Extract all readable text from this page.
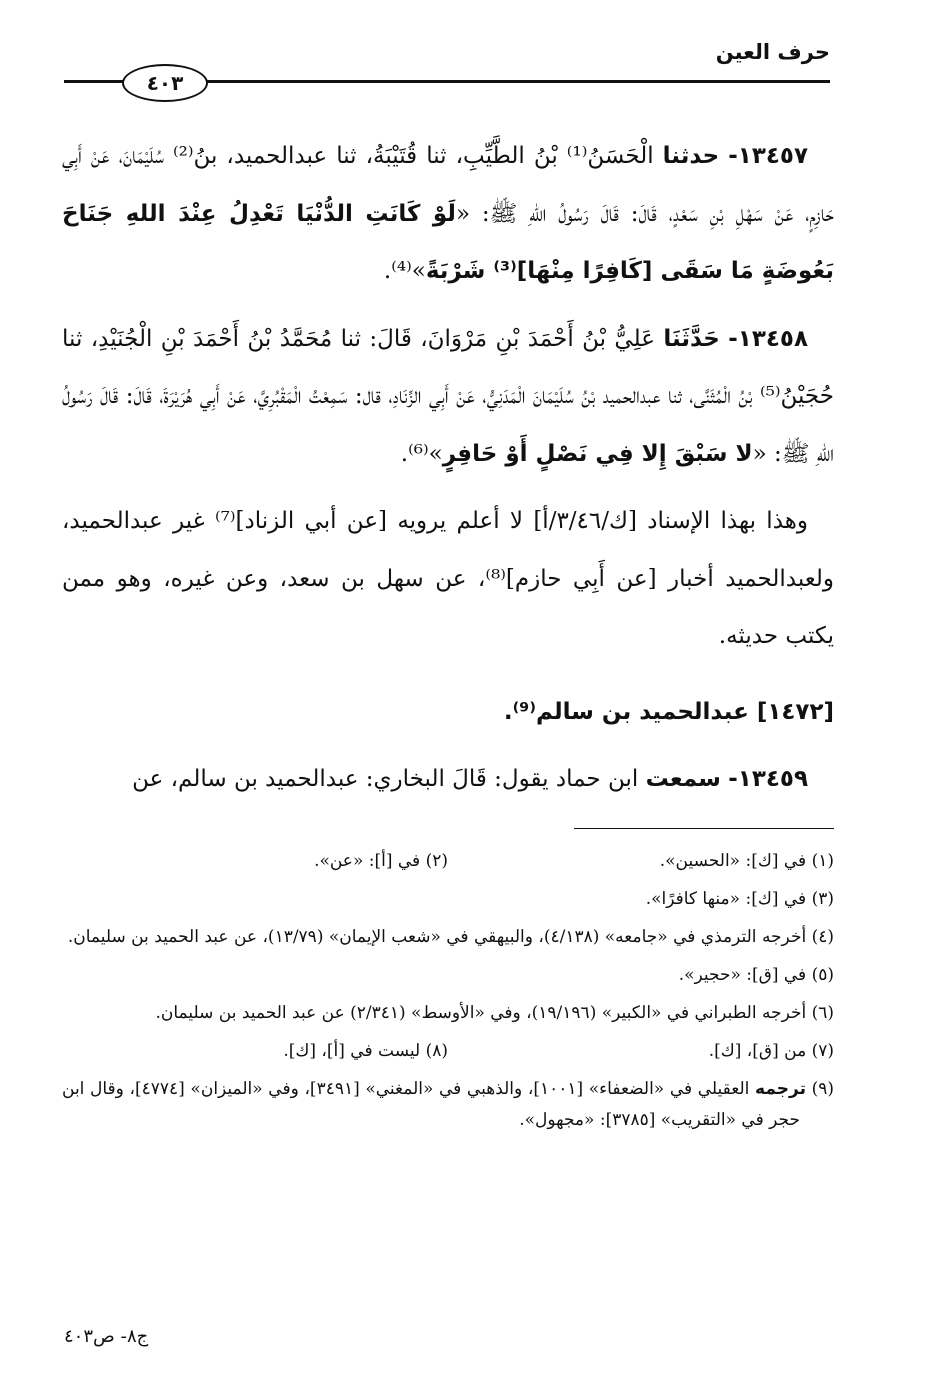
حرف العين
٤٠٣

١٣٤٥٧- حدثنا الْحَسَنُ⁽¹⁾ بْنُ الطَّيِّبِ، ثنا قُتَيْبَةُ، ثنا عبدالحميد، بنُ⁽²⁾ سُلَيْمَانَ، عَنْ أَبِي حَازِمٍ، عَنْ سَهْلِ بْنِ سَعْدٍ، قَالَ: قَالَ رَسُولُ اللهِ ﷺ: «لَوْ كَانَتِ الدُّنْيَا تَعْدِلُ عِنْدَ اللهِ جَنَاحَ بَعُوضَةٍ مَا سَقَى [كَافِرًا مِنْهَا]⁽³⁾ شَرْبَةً»⁽⁴⁾.

١٣٤٥٨- حَدَّثَنَا عَلِيُّ بْنُ أَحْمَدَ بْنِ مَرْوَانَ، قَالَ: ثنا مُحَمَّدُ بْنُ أَحْمَدَ بْنِ الْجُنَيْدِ، ثنا حُجَيْنُ⁽⁵⁾ بْنُ الْمُثَنَّى، ثنا عبدالحميد بْنُ سُلَيْمَانَ الْمَدَنِيُّ، عَنْ أَبِي الزِّنَادِ، قال: سَمِعْتُ الْمَقْبُرِيَّ، عَنْ أَبِي هُرَيْرَةَ، قَالَ: قَالَ رَسُولُ اللهِ ﷺ: «لا سَبْقَ إِلا فِي نَصْلٍ أَوْ حَافِرٍ»⁽⁶⁾.

وهذا بهذا الإسناد [ك/٣/٤٦/أ] لا أعلم يرويه [عن أبي الزناد]⁽⁷⁾ غير عبدالحميد، ولعبدالحميد أخبار [عن أَبِي حازم]⁽⁸⁾، عن سهل بن سعد، وعن غيره، وهو ممن يكتب حديثه.

[١٤٧٢] عبدالحميد بن سالم⁽⁹⁾.

١٣٤٥٩- سمعت ابن حماد يقول: قَالَ البخاري: عبدالحميد بن سالم، عن

(١) في [ك]: «الحسين».
(٢) في [أ]: «عن».
(٣) في [ك]: «منها كافرًا».
(٤) أخرجه الترمذي في «جامعه» (٤/١٣٨)، والبيهقي في «شعب الإيمان» (١٣/٧٩)، عن عبد الحميد بن سليمان.
(٥) في [ق]: «حجير».
(٦) أخرجه الطبراني في «الكبير» (١٩/١٩٦)، وفي «الأوسط» (٢/٣٤١) عن عبد الحميد بن سليمان.
(٧) من [ق]، [ك].
(٨) ليست في [أ]، [ك].
(٩) ترجمه العقيلي في «الضعفاء» [١٠٠١]، والذهبي في «المغني» [٣٤٩١]، وفي «الميزان» [٤٧٧٤]، وقال ابن حجر في «التقريب» [٣٧٨٥]: «مجهول».
ج٨- ص٤٠٣
